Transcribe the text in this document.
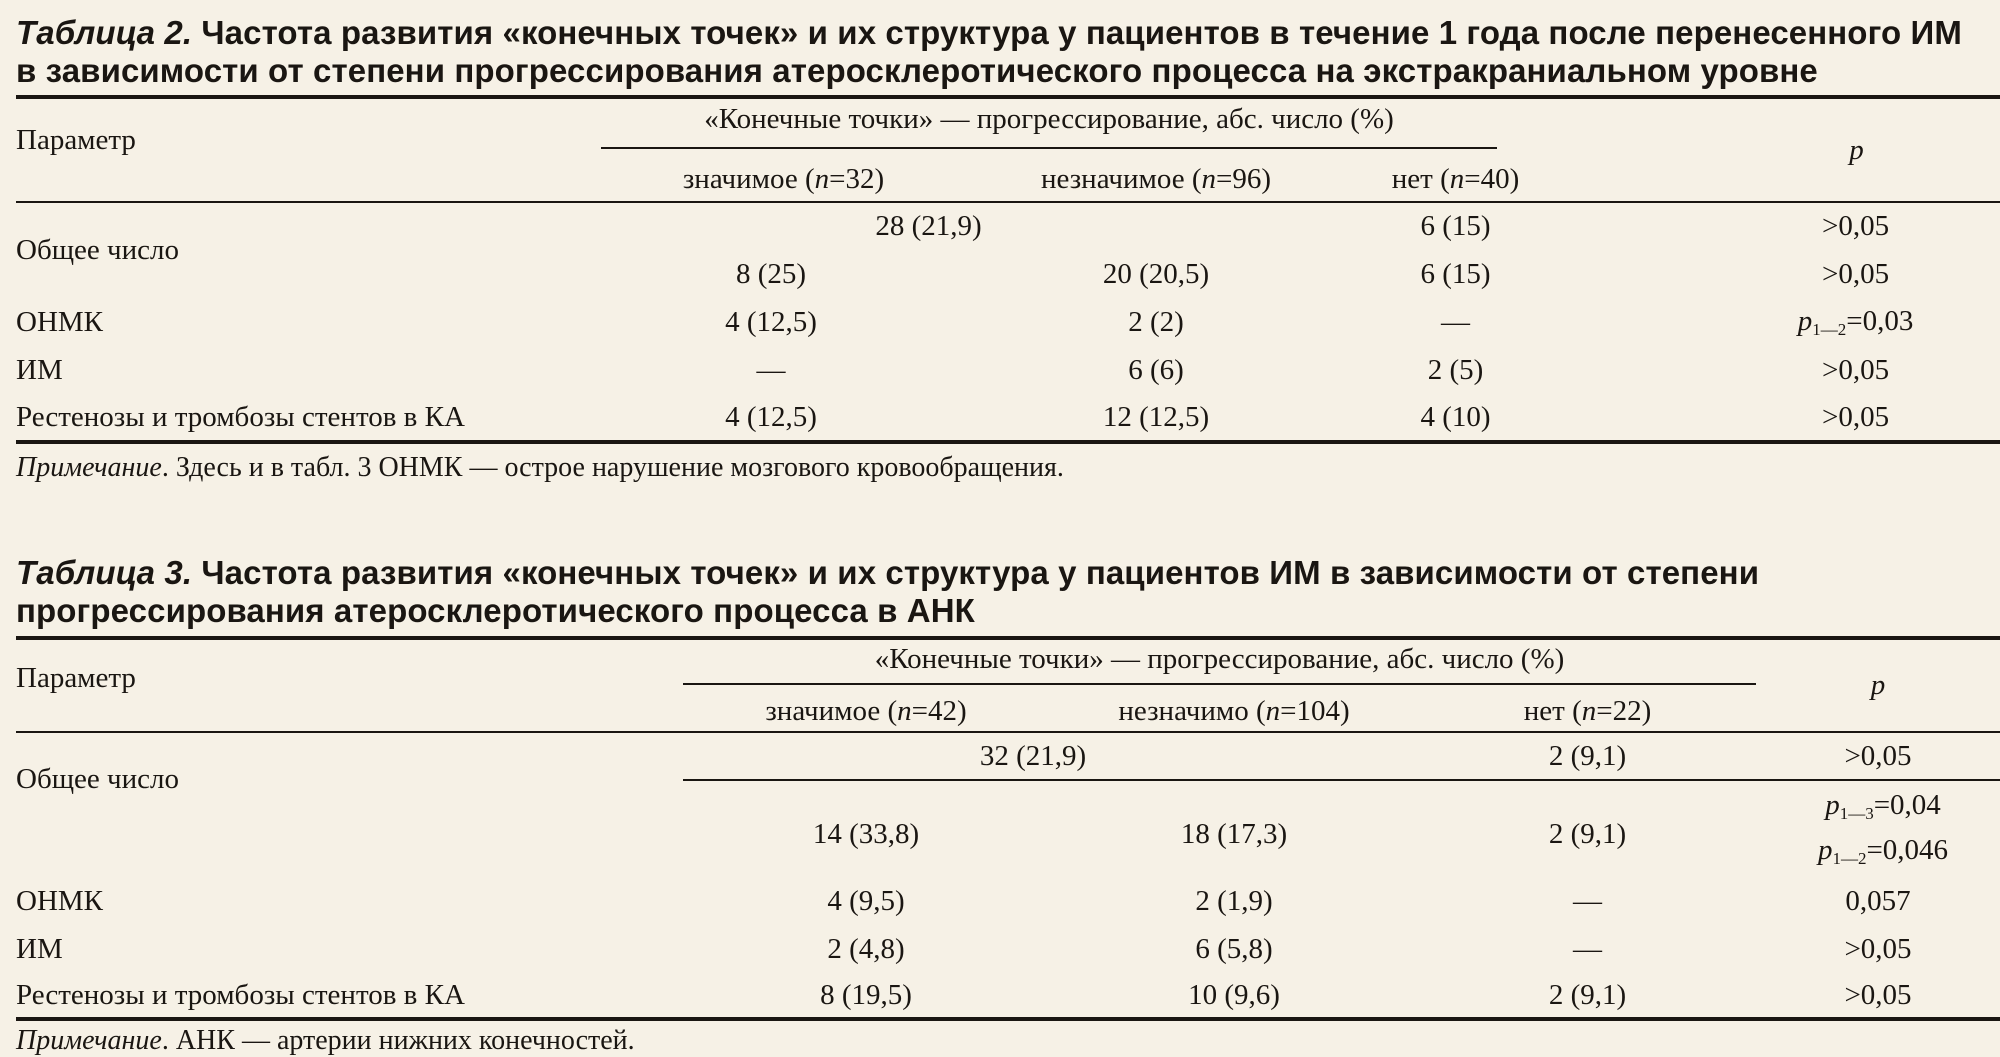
Таблица 2. Частота развития «конечных точек» и их структура у пациентов в течение 1 года после перенесенного ИМ
в зависимости от степени прогрессирования атеросклеротического процесса на экстракраниальном уровне
Параметр	«Конечные точки» — прогрессирование, абс. число (%)			p
	значимое (n=32)	незначимое (n=96)	нет (n=40)	
Общее число	28 (21,9)		6 (15)	>0,05
	8 (25)	20 (20,5)	6 (15)	>0,05
ОНМК	4 (12,5)	2 (2)	—	$p_{1—2}=0,03$
ИМ	—	6 (6)	2 (5)	>0,05
Рестенозы и тромбозы стентов в КА	4 (12,5)	12 (12,5)	4 (10)	>0,05
Примечание. Здесь и в табл. 3 ОНМК — острое нарушение мозгового кровообращения.
Таблица 3. Частота развития «конечных точек» и их структура у пациентов ИМ в зависимости от степени
прогрессирования атеросклеротического процесса в АНК
Параметр	«Конечные точки» — прогрессирование, абс. число (%)			p
	значимое (n=42)	незначимо (n=104)	нет (n=22)	
Общее число	32 (21,9)		2 (9,1)	>0,05
	14 (33,8)	18 (17,3)	2 (9,1)	$p_{1—3}=0,04$
$p_{1—2}=0,046$

ОНМК	4 (9,5)	2 (1,9)	—	0,057
ИМ	2 (4,8)	6 (5,8)	—	>0,05
Рестенозы и тромбозы стентов в КА	8 (19,5)	10 (9,6)	2 (9,1)	>0,05
Примечание. АНК — артерии нижних конечностей.
